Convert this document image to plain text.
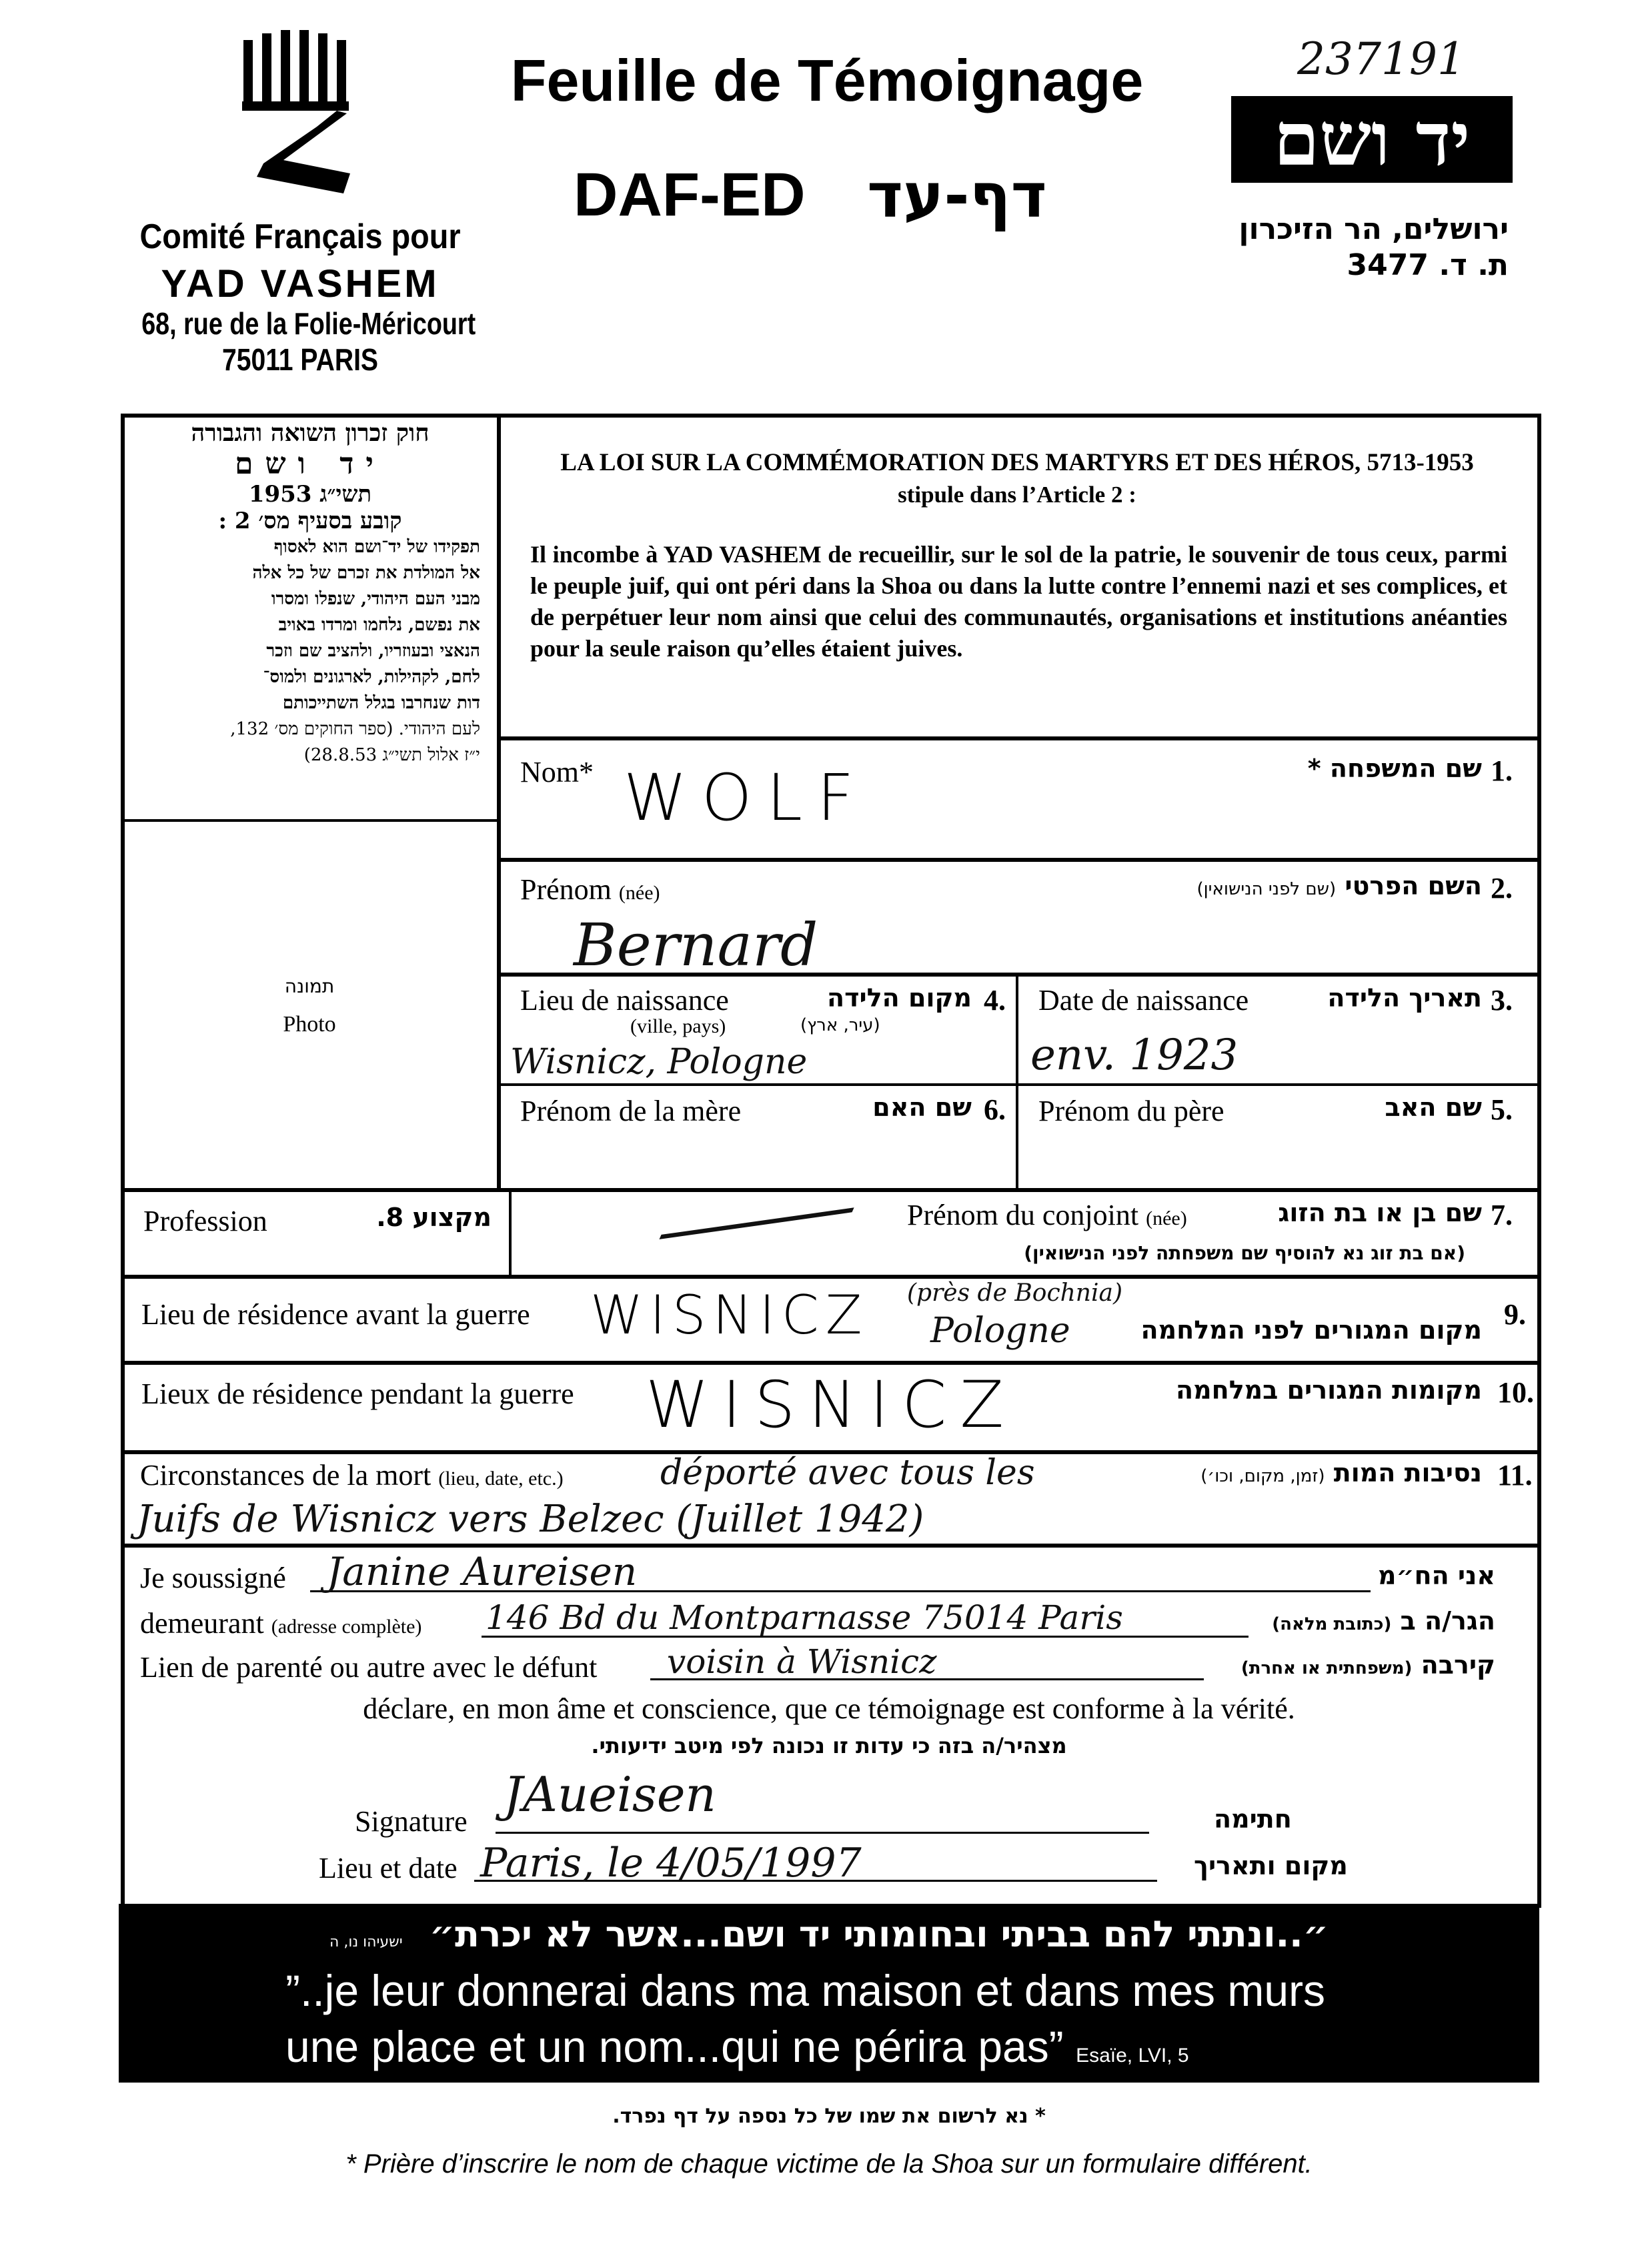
Comité Français pour
YAD VASHEM
68, rue de la Folie-Méricourt
75011 PARIS
Feuille de Témoignage
DAF-ED דף-עד
237191
יד ושם
ירושלים, הר הזיכרון
ת. ד. 3477
חוק זכרון השואה והגבורה
יד ושם
תשי״ג 1953
קובע בסעיף מס׳ 2 :
תפקידו של יד־ושם הוא לאסוף
אל המולדת את זכרם של כל אלה
מבני העם היהודי, שנפלו ומסרו
את נפשם, נלחמו ומרדו באויב
הנאצי ובעוזריו, ולהציב שם וזכר
לחם, לקהילות, לארגונים ולמוס־
דות שנחרבו בגלל השתייכותם
לעם היהודי. (ספר החוקים מס׳ 132,
י״ז אלול תשי״ג 28.8.53)
תמונה
Photo
LA LOI SUR LA COMMÉMORATION DES MARTYRS ET DES HÉROS, 5713-1953
stipule dans l’Article 2 :
Il incombe à YAD VASHEM de recueillir, sur le sol de la patrie, le souvenir de tous ceux, parmi le peuple juif, qui ont péri dans la Shoa ou dans la lutte contre l’ennemi nazi et ses complices, et de perpétuer leur nom ainsi que celui des communautés, organisations et institutions anéanties pour la seule raison qu’elles étaient juives.
Nom*	שם המשפחה * 1.
WOLF
Prénom (née)	השם הפרטי (שם לפני הנישואין)	2.
Bernard
Lieu de naissance
(ville, pays)
מקום הלידה
(עיר, ארץ)
4.
Wisnicz, Pologne
Date de naissance	תאריך הלידה 3.
env. 1923
Prénom de la mère	שם האם 6. Prénom du père	שם האב 5.
Profession	מקצוע 8.	Prénom du conjoint (née)	שם בן או בת הזוג
(אם בת זוג נא להוסיף שם משפחתה לפני הנישואין)
7.
—
Lieu de résidence avant la guerre	מקום המגורים לפני המלחמה 9.
WISNICZ (près de Bochnia)
Pologne
Lieux de résidence pendant la guerre	מקומות המגורים במלחמה 10.
WISNICZ
Circonstances de la mort (lieu, date, etc.)	נסיבות המות (זמן, מקום, וכו׳)	11.
déporté avec tous les
Juifs de Wisnicz vers Belzec (Juillet 1942)
Je soussigné Janine Aureisen	אני הח״מ
demeurant (adresse complète) 146 Bd du Montparnasse 75014 Paris	הגר/ה ב (כתובת מלאה)
Lien de parenté ou autre avec le défunt voisin à Wisnicz	קירבה (משפחתית או אחרת)
déclare, en mon âme et conscience, que ce témoignage est conforme à la vérité.
מצהיר/ה בזה כי עדות זו נכונה לפי מיטב ידיעותי.
Signature JAueisen	חתימה
Lieu et date Paris, le 4/05/1997	מקום ותאריך
ישעיהו נו, ה ״..ונתתי להם בביתי ובחומותי יד ושם...אשר לא יכרת״
”..je leur donnerai dans ma maison et dans mes murs
une place et un nom...qui ne périra pas” Esaïe, LVI, 5
* נא לרשום את שמו של כל נספה על דף נפרד.
* Prière d’inscrire le nom de chaque victime de la Shoa sur un formulaire différent.
